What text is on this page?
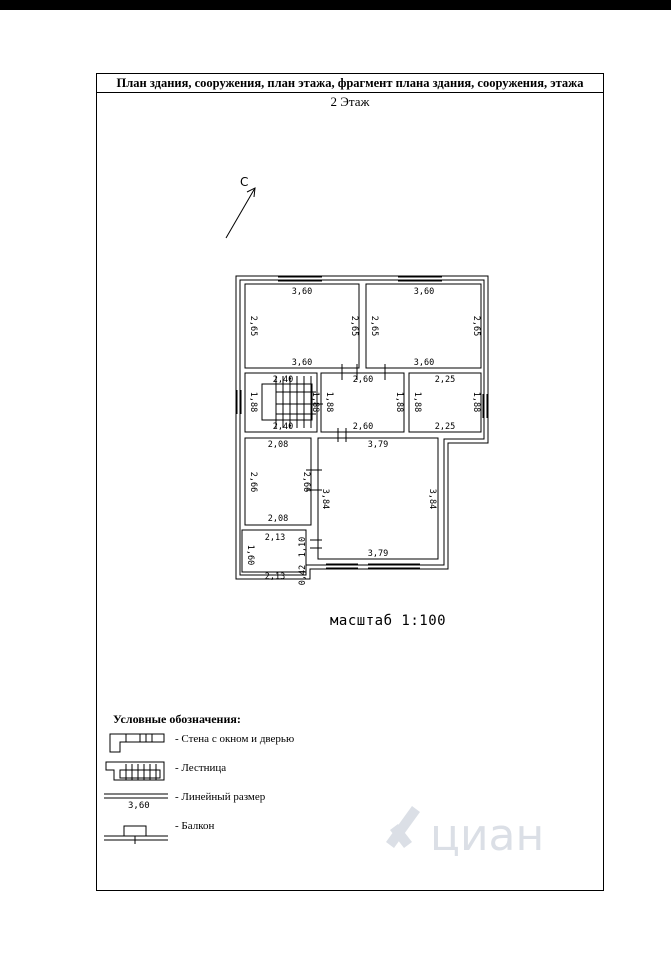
План здания, сооружения, план этажа, фрагмент плана здания, сооружения, этажа
2 Этаж
3,60
3,60
2,65	2,65
3,60
3,60
2,65	2,65
2,40
2,40
1,88	1,88
2,60
2,60
1,88	1,88
2,25
2,25
1,88	1,88
2,08
2,08
2,66	2,66
3,79
3,79
3,84	3,84
2,13
2,13
1,60
0,42
1,10
С
3,60
циан
масштаб 1:100
Условные обозначения:
- Стена с окном и дверью
- Лестница
- Линейный размер
- Балкон
